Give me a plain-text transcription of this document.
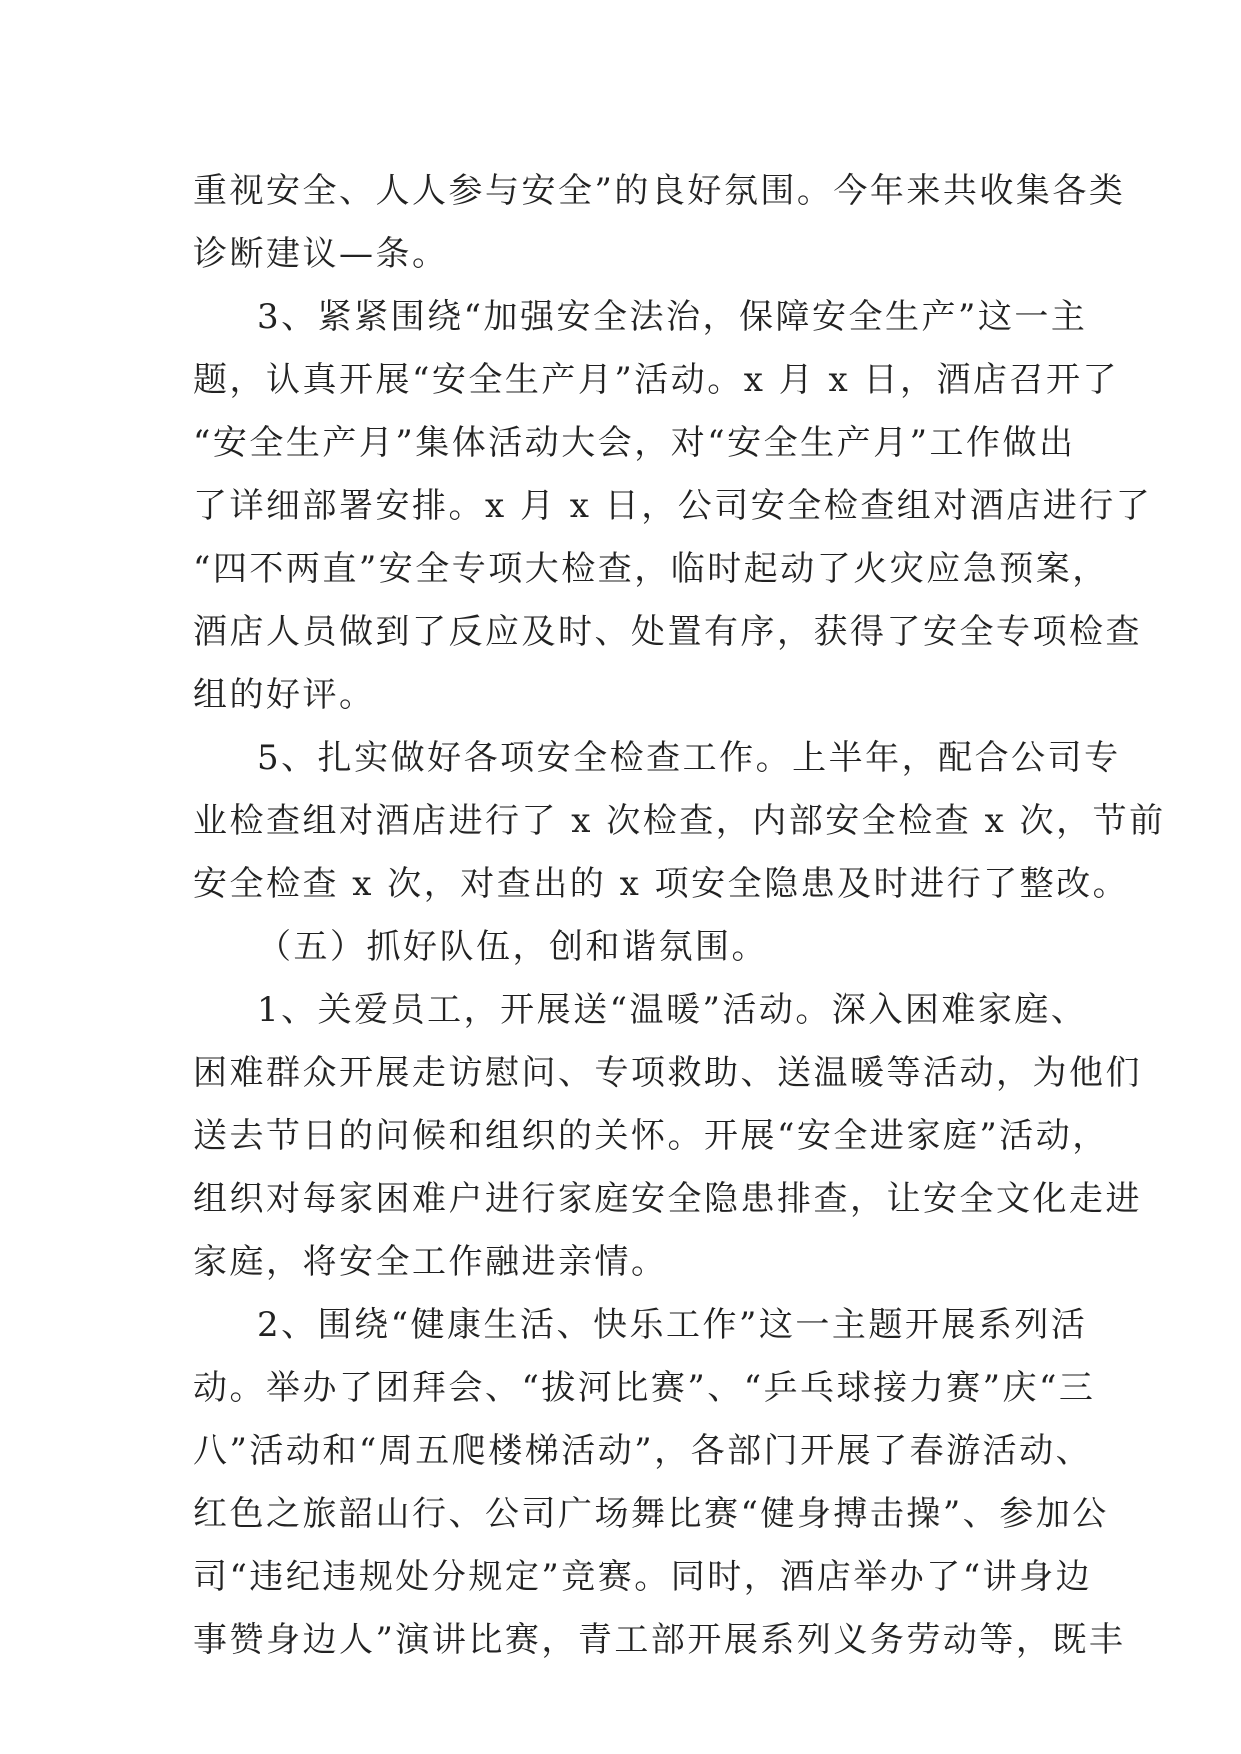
重视安全、人人参与安全”的良好氛围。今年来共收集各类
诊断建议—条。
3、紧紧围绕“加强安全法治，保障安全生产”这一主
题，认真开展“安全生产月”活动。x 月 x 日，酒店召开了
“安全生产月”集体活动大会，对“安全生产月”工作做出
了详细部署安排。x 月 x 日，公司安全检查组对酒店进行了
“四不两直”安全专项大检查，临时起动了火灾应急预案，
酒店人员做到了反应及时、处置有序，获得了安全专项检查
组的好评。
5、扎实做好各项安全检查工作。上半年，配合公司专
业检查组对酒店进行了 x 次检查，内部安全检查 x 次，节前
安全检查 x 次，对查出的 x 项安全隐患及时进行了整改。
（五）抓好队伍，创和谐氛围。
1、关爱员工，开展送“温暖”活动。深入困难家庭、
困难群众开展走访慰问、专项救助、送温暖等活动，为他们
送去节日的问候和组织的关怀。开展“安全进家庭”活动，
组织对每家困难户进行家庭安全隐患排查，让安全文化走进
家庭，将安全工作融进亲情。
2、围绕“健康生活、快乐工作”这一主题开展系列活
动。举办了团拜会、“拔河比赛”、“乒乓球接力赛”庆“三
八”活动和“周五爬楼梯活动”，各部门开展了春游活动、
红色之旅韶山行、公司广场舞比赛“健身搏击操”、参加公
司“违纪违规处分规定”竞赛。同时，酒店举办了“讲身边
事赞身边人”演讲比赛，青工部开展系列义务劳动等，既丰
